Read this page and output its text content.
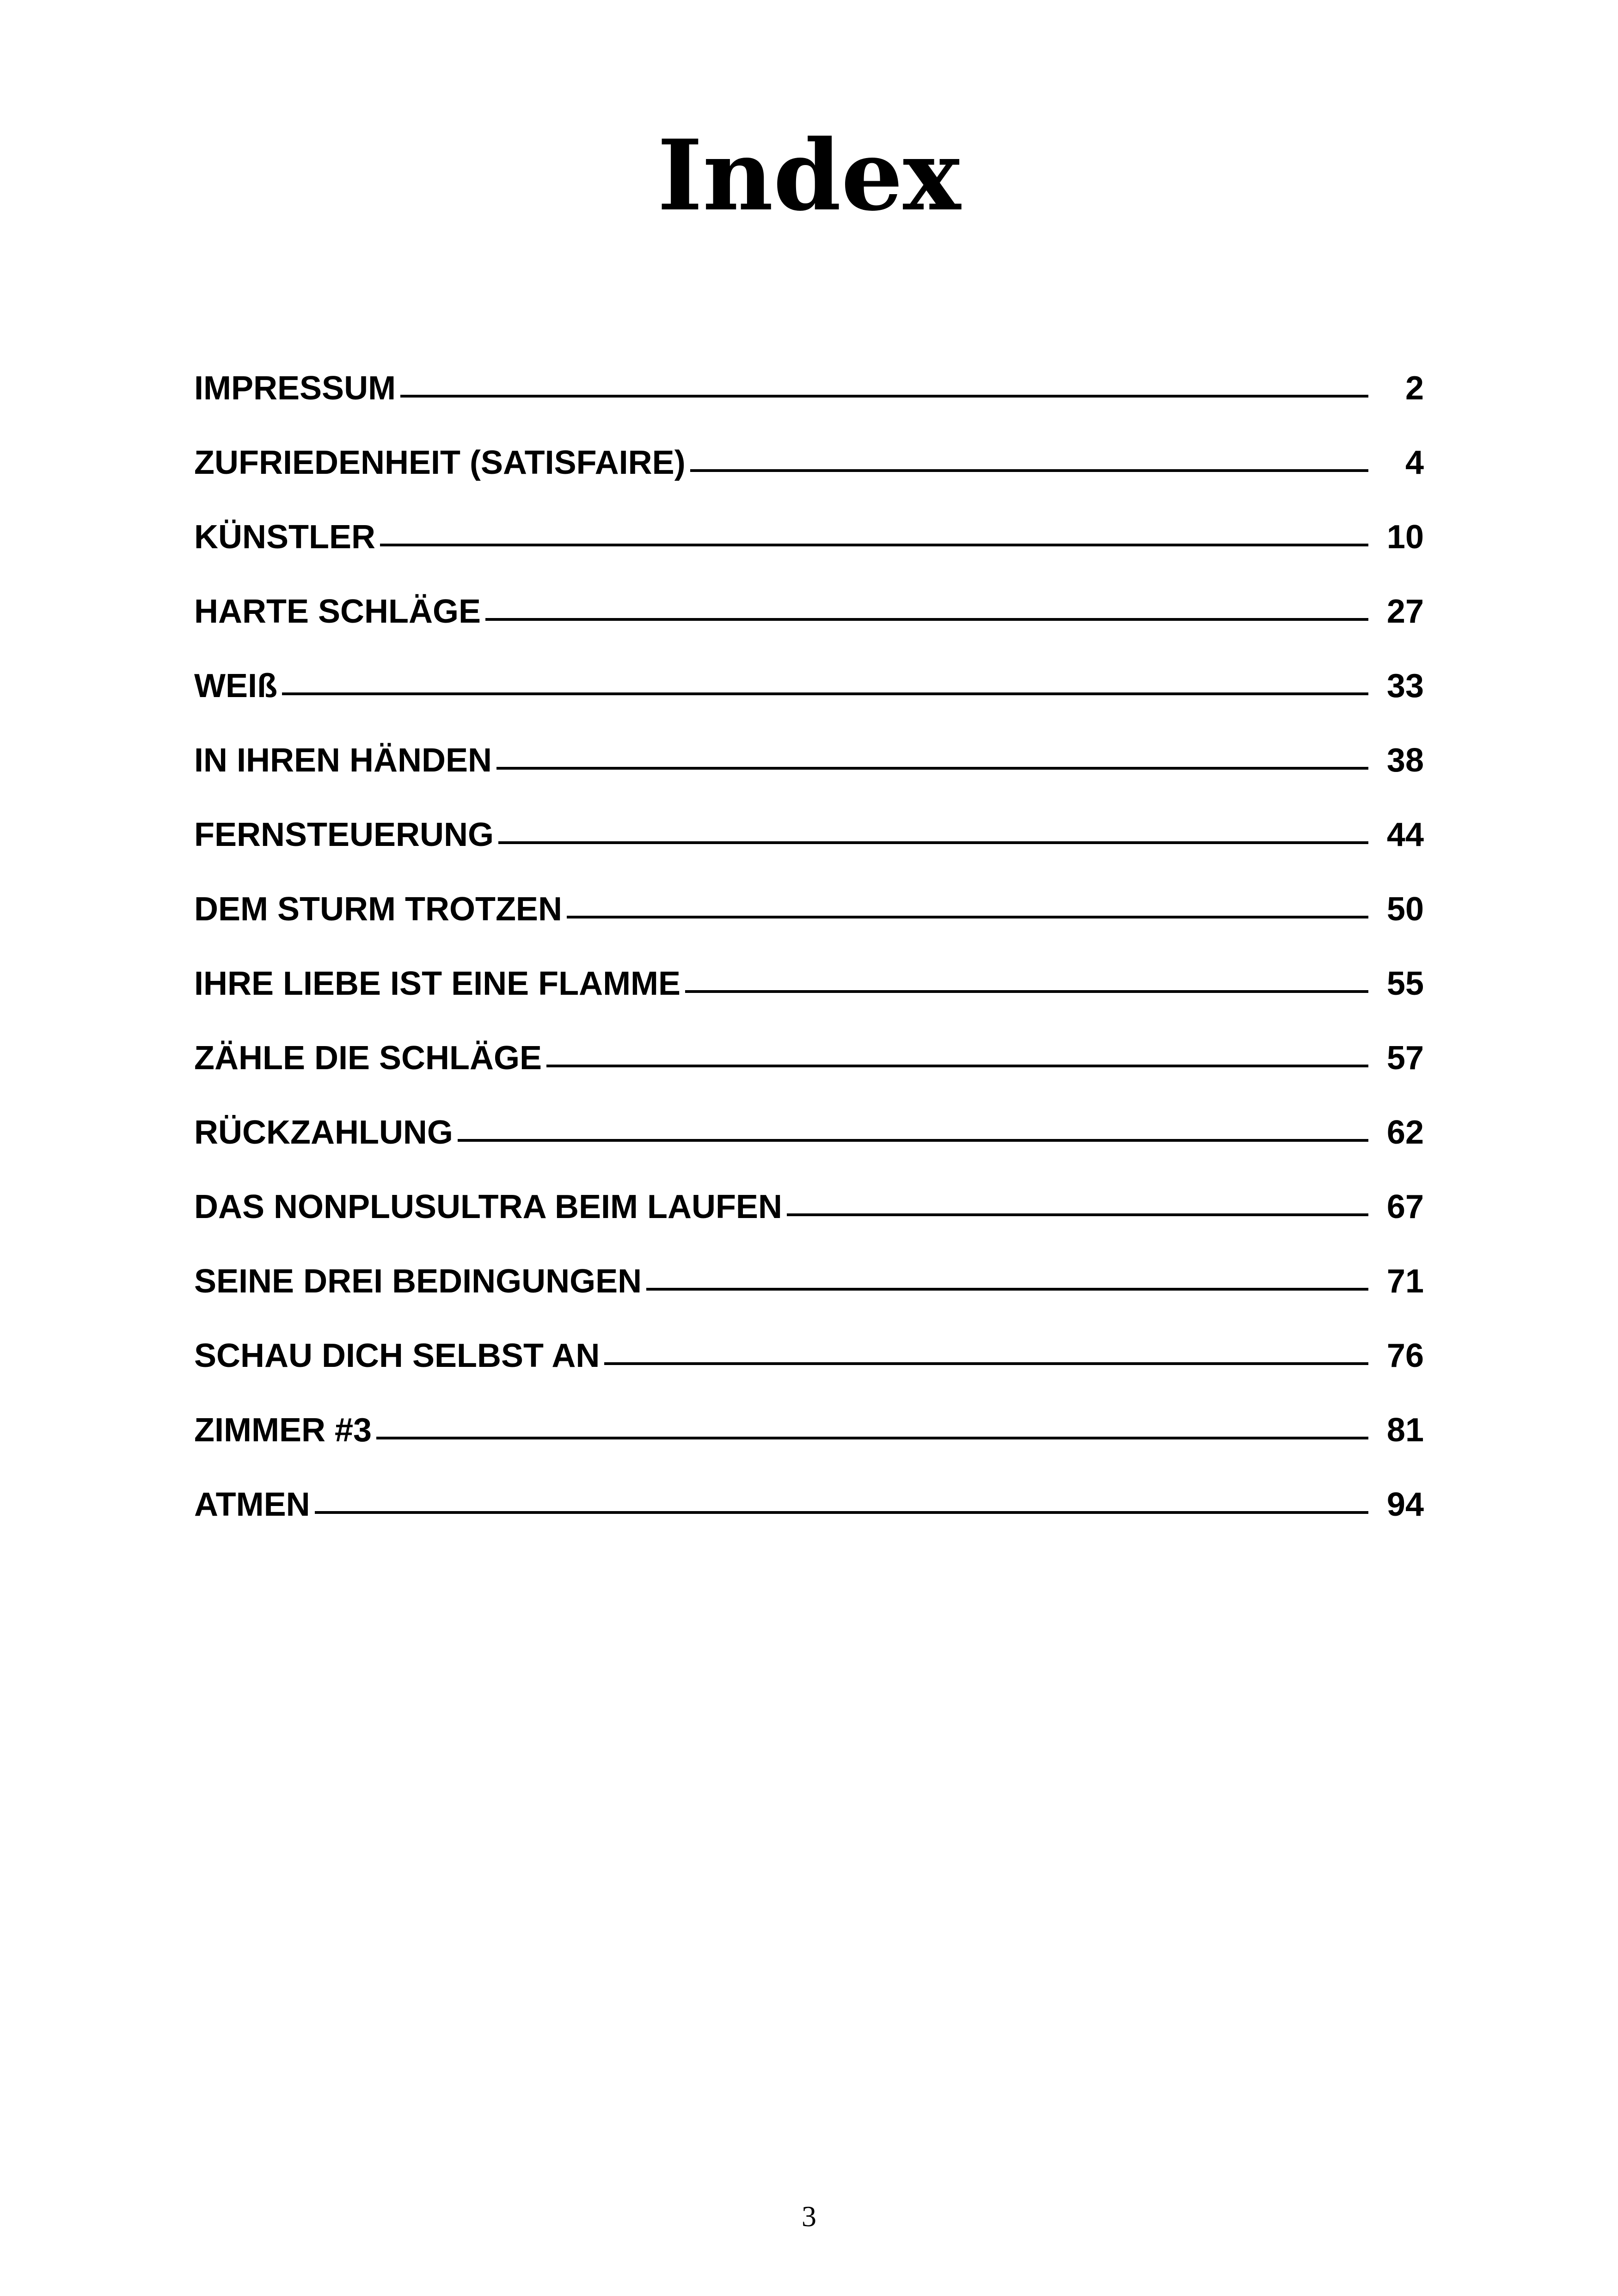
Index
IMPRESSUM	2
ZUFRIEDENHEIT (SATISFAIRE)	4
KÜNSTLER	10
HARTE SCHLÄGE	27
WEIß	33
IN IHREN HÄNDEN	38
FERNSTEUERUNG	44
DEM STURM TROTZEN	50
IHRE LIEBE IST EINE FLAMME	55
ZÄHLE DIE SCHLÄGE	57
RÜCKZAHLUNG	62
DAS NONPLUSULTRA BEIM LAUFEN	67
SEINE DREI BEDINGUNGEN	71
SCHAU DICH SELBST AN	76
ZIMMER #3	81
ATMEN	94
3
